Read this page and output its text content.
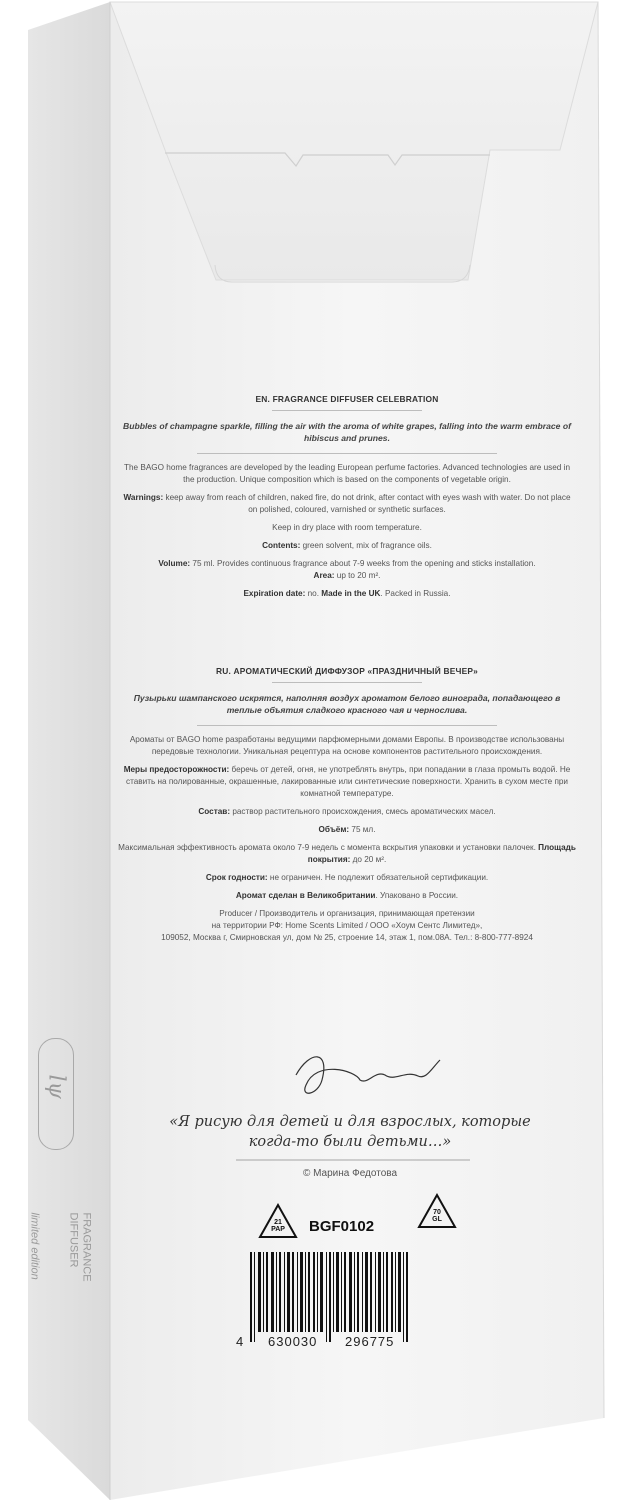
lψ
FRAGRANCE
DIFFUSER
limited edition
EN. FRAGRANCE DIFFUSER CELEBRATION
Bubbles of champagne sparkle, filling the air with the aroma of white grapes, falling into the warm embrace of hibiscus and prunes.
The BAGO home fragrances are developed by the leading European perfume factories. Advanced technologies are used in the production. Unique composition which is based on the components of vegetable origin.
Warnings: keep away from reach of children, naked fire, do not drink, after contact with eyes wash with water. Do not place on polished, coloured, varnished or synthetic surfaces.
Keep in dry place with room temperature.
Contents: green solvent, mix of fragrance oils.
Volume: 75 ml. Provides continuous fragrance about 7-9 weeks from the opening and sticks installation.
Area: up to 20 m².
Expiration date: no. Made in the UK. Packed in Russia.
RU. АРОМАТИЧЕСКИЙ ДИФФУЗОР «ПРАЗДНИЧНЫЙ ВЕЧЕР»
Пузырьки шампанского искрятся, наполняя воздух ароматом белого винограда, попадающего в теплые объятия сладкого красного чая и чернослива.
Ароматы от BAGO home разработаны ведущими парфюмерными домами Европы. В производстве использованы передовые технологии. Уникальная рецептура на основе компонентов растительного происхождения.
Меры предосторожности: беречь от детей, огня, не употреблять внутрь, при попадании в глаза промыть водой. Не ставить на полированные, окрашенные, лакированные или синтетические поверхности. Хранить в сухом месте при комнатной температуре.
Состав: раствор растительного происхождения, смесь ароматических масел.
Объём: 75 мл.
Максимальная эффективность аромата около 7-9 недель с момента вскрытия упаковки и установки палочек. Площадь покрытия: до 20 м².
Срок годности: не ограничен. Не подлежит обязательной сертификации.
Аромат сделан в Великобритании. Упаковано в России.
Producer / Производитель и организация, принимающая претензии
на территории РФ: Home Scents Limited / ООО «Хоум Сентс Лимитед»,
109052, Москва г, Смирновская ул, дом № 25, строение 14, этаж 1, пом.08А. Тел.: 8-800-777-8924
«Я рисую для детей и для взрослых, которые
когда-то были детьми…»
© Марина Федотова
21
PAP
70
GL
BGF0102
4 630030 296775
